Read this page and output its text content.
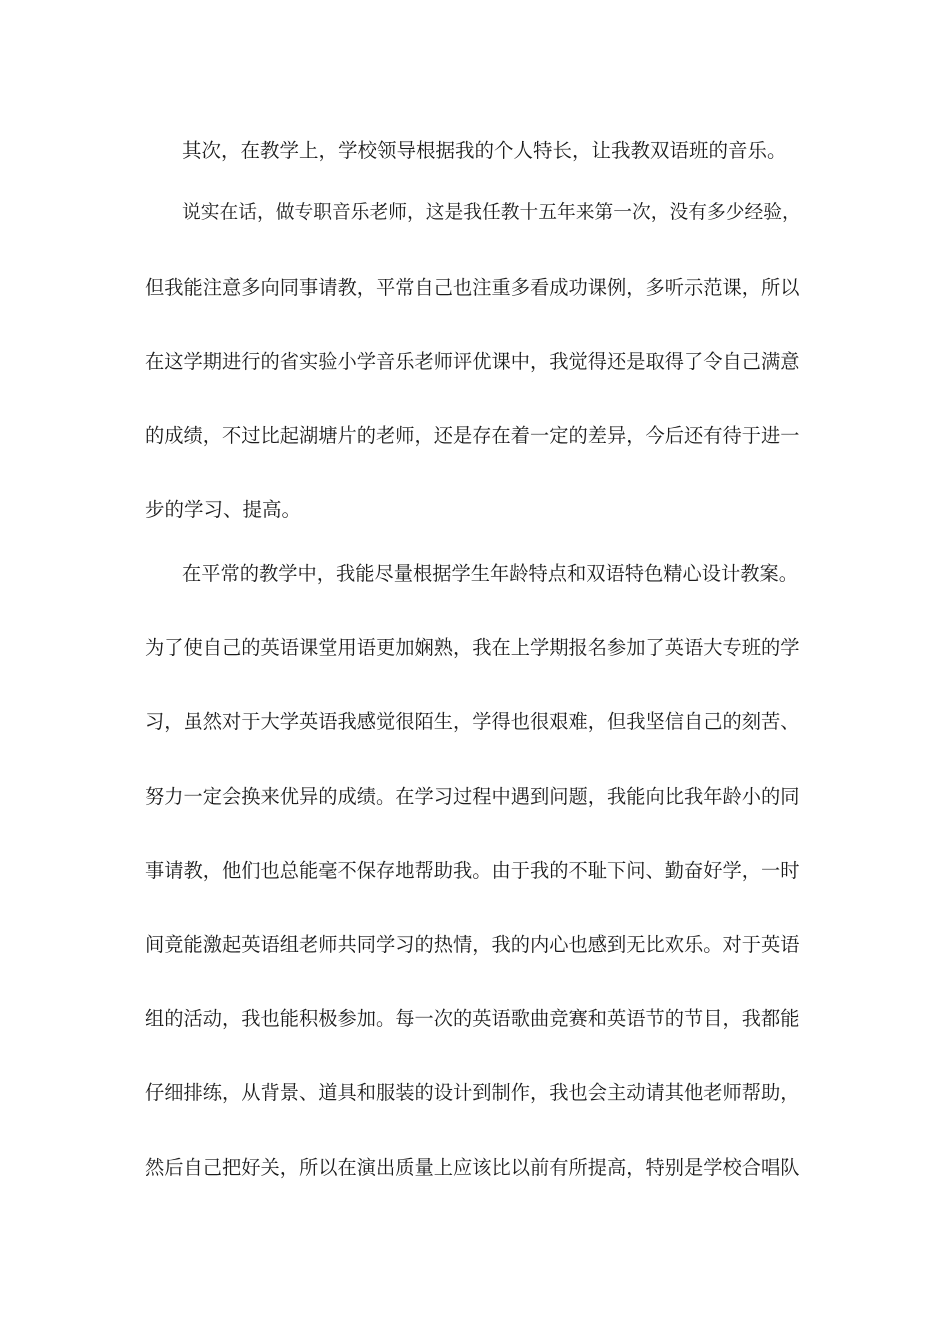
其次，在教学上，学校领导根据我的个人特长，让我教双语班的音乐。
说实在话，做专职音乐老师，这是我任教十五年来第一次，没有多少经验，
但我能注意多向同事请教，平常自己也注重多看成功课例，多听示范课，所以
在这学期进行的省实验小学音乐老师评优课中，我觉得还是取得了令自己满意
的成绩，不过比起湖塘片的老师，还是存在着一定的差异，今后还有待于进一
步的学习、提高。
在平常的教学中，我能尽量根据学生年龄特点和双语特色精心设计教案。
为了使自己的英语课堂用语更加娴熟，我在上学期报名参加了英语大专班的学
习，虽然对于大学英语我感觉很陌生，学得也很艰难，但我坚信自己的刻苦、
努力一定会换来优异的成绩。在学习过程中遇到问题，我能向比我年龄小的同
事请教，他们也总能毫不保存地帮助我。由于我的不耻下问、勤奋好学，一时
间竟能激起英语组老师共同学习的热情，我的内心也感到无比欢乐。对于英语
组的活动，我也能积极参加。每一次的英语歌曲竞赛和英语节的节目，我都能
仔细排练，从背景、道具和服装的设计到制作，我也会主动请其他老师帮助，
然后自己把好关，所以在演出质量上应该比以前有所提高，特别是学校合唱队
